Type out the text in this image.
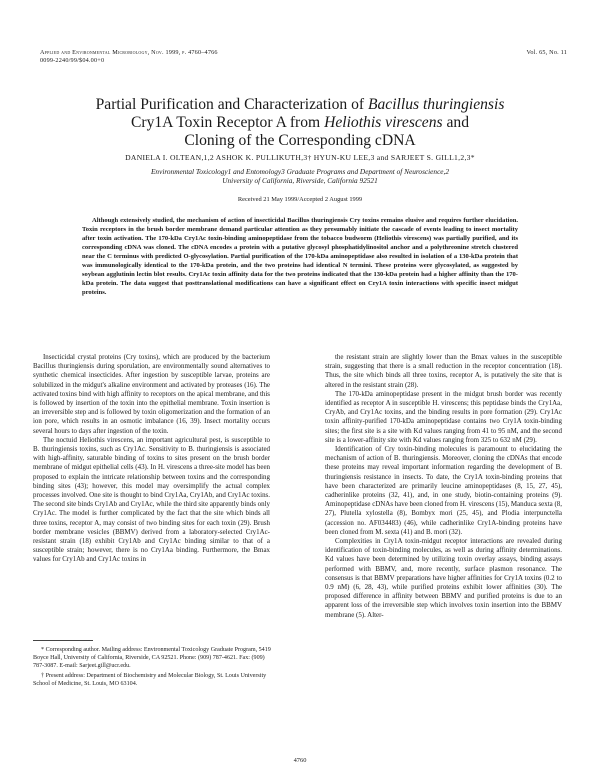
Applied and Environmental Microbiology, Nov. 1999, p. 4760–4766
0099-2240/99/$04.00+0
Vol. 65, No. 11
Partial Purification and Characterization of Bacillus thuringiensis
Cry1A Toxin Receptor A from Heliothis virescens and
Cloning of the Corresponding cDNA
DANIELA I. OLTEAN,1,2 ASHOK K. PULLIKUTH,3† HYUN-KU LEE,3 and SARJEET S. GILL1,2,3*
Environmental Toxicology1 and Entomology3 Graduate Programs and Department of Neuroscience,2
University of California, Riverside, California 92521
Received 21 May 1999/Accepted 2 August 1999

Although extensively studied, the mechanism of action of insecticidal Bacillus thuringiensis Cry toxins remains elusive and requires further elucidation. Toxin receptors in the brush border membrane demand particular attention as they presumably initiate the cascade of events leading to insect mortality after toxin activation. The 170-kDa Cry1Ac toxin-binding aminopeptidase from the tobacco budworm (Heliothis virescens) was partially purified, and its corresponding cDNA was cloned. The cDNA encodes a protein with a putative glycosyl phosphatidylinositol anchor and a polythreonine stretch clustered near the C terminus with predicted O-glycosylation. Partial purification of the 170-kDa aminopeptidase also resulted in isolation of a 130-kDa protein that was immunologically identical to the 170-kDa protein, and the two proteins had identical N termini. These proteins were glycosylated, as suggested by soybean agglutinin lectin blot results. Cry1Ac toxin affinity data for the two proteins indicated that the 130-kDa protein had a higher affinity than the 170-kDa protein. The data suggest that posttranslational modifications can have a significant effect on Cry1A toxin interactions with specific insect midgut proteins.

Insecticidal crystal proteins (Cry toxins), which are produced by the bacterium Bacillus thuringiensis during sporulation, are environmentally sound alternatives to synthetic chemical insecticides. After ingestion by susceptible larvae, proteins are solubilized in the midgut's alkaline environment and activated by proteases (16). The activated toxins bind with high affinity to receptors on the apical membrane, and this is followed by insertion of the toxin into the epithelial membrane. Toxin insertion is an irreversible step and is followed by toxin oligomerization and the formation of an ion pore, which results in an osmotic imbalance (16, 39). Insect mortality occurs several hours to days after ingestion of the toxin.

The noctuid Heliothis virescens, an important agricultural pest, is susceptible to B. thuringiensis toxins, such as Cry1Ac. Sensitivity to B. thuringiensis is associated with high-affinity, saturable binding of toxins to sites present on the brush border membrane of midgut epithelial cells (43). In H. virescens a three-site model has been proposed to explain the intricate relationship between toxins and the corresponding binding sites (43); however, this model may oversimplify the actual complex processes involved. One site is thought to bind Cry1Aa, Cry1Ab, and Cry1Ac toxins. The second site binds Cry1Ab and Cry1Ac, while the third site apparently binds only Cry1Ac. The model is further complicated by the fact that the site which binds all three toxins, receptor A, may consist of two binding sites for each toxin (29). Brush border membrane vesicles (BBMV) derived from a laboratory-selected Cry1Ac-resistant strain (18) exhibit Cry1Ab and Cry1Ac binding similar to that of a susceptible strain; however, there is no Cry1Aa binding. Furthermore, the Bmax values for Cry1Ab and Cry1Ac toxins in

the resistant strain are slightly lower than the Bmax values in the susceptible strain, suggesting that there is a small reduction in the receptor concentration (18). Thus, the site which binds all three toxins, receptor A, is putatively the site that is altered in the resistant strain (28).

The 170-kDa aminopeptidase present in the midgut brush border was recently identified as receptor A in susceptible H. virescens; this peptidase binds the Cry1Aa, CryAb, and Cry1Ac toxins, and the binding results in pore formation (29). Cry1Ac toxin affinity-purified 170-kDa aminopeptidase contains two Cry1A toxin-binding sites; the first site is a site with Kd values ranging from 41 to 95 nM, and the second site is a lower-affinity site with Kd values ranging from 325 to 632 nM (29).

Identification of Cry toxin-binding molecules is paramount to elucidating the mechanism of action of B. thuringiensis. Moreover, cloning the cDNAs that encode these proteins may reveal important information regarding the development of B. thuringiensis resistance in insects. To date, the Cry1A toxin-binding proteins that have been characterized are primarily leucine aminopeptidases (8, 15, 27, 45), cadherinlike proteins (32, 41), and, in one study, biotin-containing proteins (9). Aminopeptidase cDNAs have been cloned from H. virescens (15), Manduca sexta (8, 27), Plutella xylostella (8), Bombyx mori (25, 45), and Plodia interpunctella (accession no. AF034483) (46), while cadherinlike Cry1A-binding proteins have been cloned from M. sexta (41) and B. mori (32).

Complexities in Cry1A toxin-midgut receptor interactions are revealed during identification of toxin-binding molecules, as well as during affinity determinations. Kd values have been determined by utilizing toxin overlay assays, binding assays performed with BBMV, and, more recently, surface plasmon resonance. The consensus is that BBMV preparations have higher affinities for Cry1A toxins (0.2 to 0.9 nM) (6, 28, 43), while purified proteins exhibit lower affinities (30). The proposed difference in affinity between BBMV and purified proteins is due to an apparent loss of the irreversible step which involves toxin insertion into the BBMV membrane (5). Alter-

* Corresponding author. Mailing address: Environmental Toxicology Graduate Program, 5419 Boyce Hall, University of California, Riverside, CA 92521. Phone: (909) 787-4621. Fax: (909) 787-3087. E-mail: Sarjeet.gill@ucr.edu.

† Present address: Department of Biochemistry and Molecular Biology, St. Louis University School of Medicine, St. Louis, MO 63104.

4760
